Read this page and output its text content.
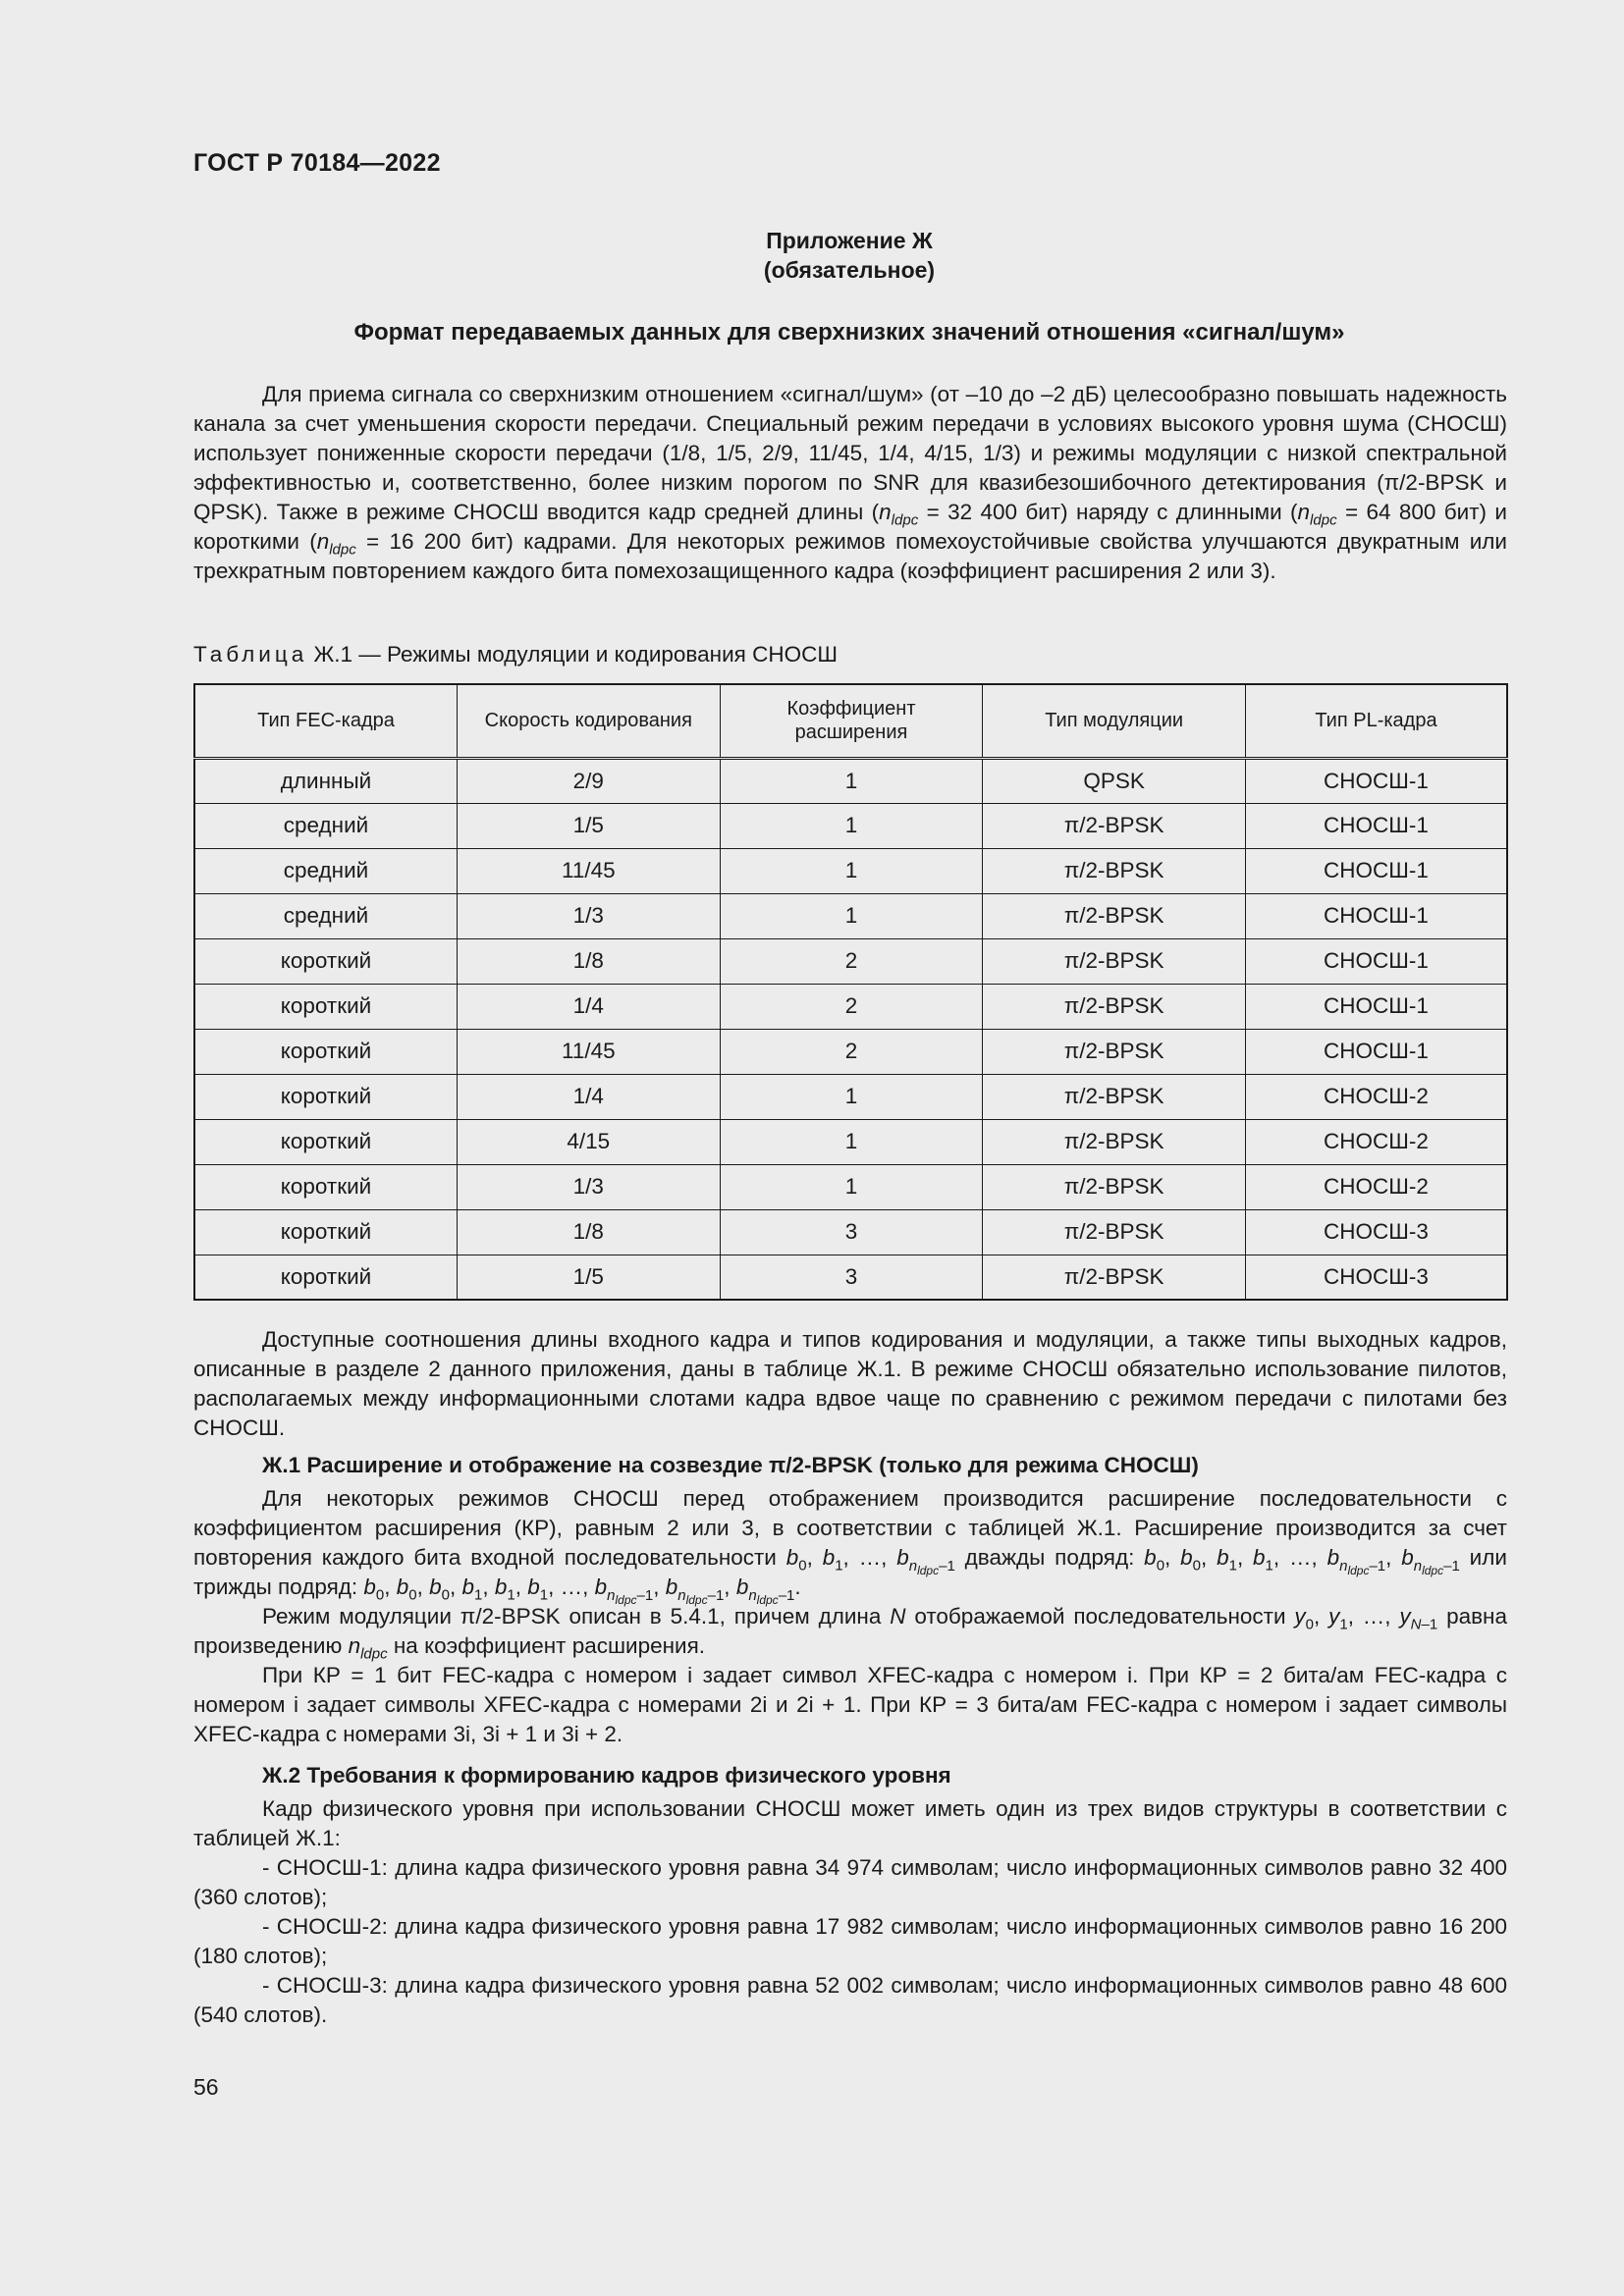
ГОСТ Р 70184—2022
Приложение Ж
(обязательное)
Формат передаваемых данных для сверхнизких значений отношения «сигнал/шум»

Для приема сигнала со сверхнизким отношением «сигнал/шум» (от –10 до –2 дБ) целесообразно повышать надежность канала за счет уменьшения скорости передачи. Специальный режим передачи в условиях высокого уровня шума (СНОСШ) использует пониженные скорости передачи (1/8, 1/5, 2/9, 11/45, 1/4, 4/15, 1/3) и режимы модуляции с низкой спектральной эффективностью и, соответственно, более низким порогом по SNR для квазибезошибочного детектирования (π/2-BPSK и QPSK). Также в режиме СНОСШ вводится кадр средней длины ($n_{ldpc} = 32$ 400 бит) наряду с длинными ($n_{ldpc} = 64$ 800 бит) и короткими ($n_{ldpc} = 16$ 200 бит) кадрами. Для некоторых режимов помехоустойчивые свойства улучшаются двукратным или трехкратным повторением каждого бита помехозащищенного кадра (коэффициент расширения 2 или 3).

Таблица Ж.1 — Режимы модуляции и кодирования СНОСШ
Тип FEC-кадра	Скорость кодирования	Коэффициент расширения	Тип модуляции	Тип PL-кадра
длинный	2/9	1	QPSK	СНОСШ-1
средний	1/5	1	π/2-BPSK	СНОСШ-1
средний	11/45	1	π/2-BPSK	СНОСШ-1
средний	1/3	1	π/2-BPSK	СНОСШ-1
короткий	1/8	2	π/2-BPSK	СНОСШ-1
короткий	1/4	2	π/2-BPSK	СНОСШ-1
короткий	11/45	2	π/2-BPSK	СНОСШ-1
короткий	1/4	1	π/2-BPSK	СНОСШ-2
короткий	4/15	1	π/2-BPSK	СНОСШ-2
короткий	1/3	1	π/2-BPSK	СНОСШ-2
короткий	1/8	3	π/2-BPSK	СНОСШ-3
короткий	1/5	3	π/2-BPSK	СНОСШ-3

Доступные соотношения длины входного кадра и типов кодирования и модуляции, а также типы выходных кадров, описанные в разделе 2 данного приложения, даны в таблице Ж.1. В режиме СНОСШ обязательно использование пилотов, располагаемых между информационными слотами кадра вдвое чаще по сравнению с режимом передачи с пилотами без СНОСШ.

Ж.1 Расширение и отображение на созвездие π/2-BPSK (только для режима СНОСШ)

Для некоторых режимов СНОСШ перед отображением производится расширение последовательности с коэффициентом расширения (КР), равным 2 или 3, в соответствии с таблицей Ж.1. Расширение производится за счет повторения каждого бита входной последовательности $b_0$, $b_1$, …, $b_{n_{ldpc}-1}$ дважды подряд: $b_0$, $b_0$, $b_1$, $b_1$, …, $b_{n_{ldpc}-1}$, $b_{n_{ldpc}-1}$ или трижды подряд: $b_0$, $b_0$, $b_0$, $b_1$, $b_1$, $b_1$, …, $b_{n_{ldpc}-1}$, $b_{n_{ldpc}-1}$, $b_{n_{ldpc}-1}$.

Режим модуляции π/2-BPSK описан в 5.4.1, причем длина N отображаемой последовательности $y_0$, $y_1$, …, $y_{N-1}$ равна произведению $n_{ldpc}$ на коэффициент расширения.

При КР = 1 бит FEC-кадра с номером i задает символ XFEC-кадра с номером i. При КР = 2 бита/ам FEC-кадра с номером i задает символы XFEC-кадра с номерами 2i и 2i + 1. При КР = 3 бита/ам FEC-кадра с номером i задает символы XFEC-кадра с номерами 3i, 3i + 1 и 3i + 2.

Ж.2 Требования к формированию кадров физического уровня

Кадр физического уровня при использовании СНОСШ может иметь один из трех видов структуры в соответствии с таблицей Ж.1:

- СНОСШ-1: длина кадра физического уровня равна 34 974 символам; число информационных символов равно 32 400 (360 слотов);

- СНОСШ-2: длина кадра физического уровня равна 17 982 символам; число информационных символов равно 16 200 (180 слотов);

- СНОСШ-3: длина кадра физического уровня равна 52 002 символам; число информационных символов равно 48 600 (540 слотов).

56
